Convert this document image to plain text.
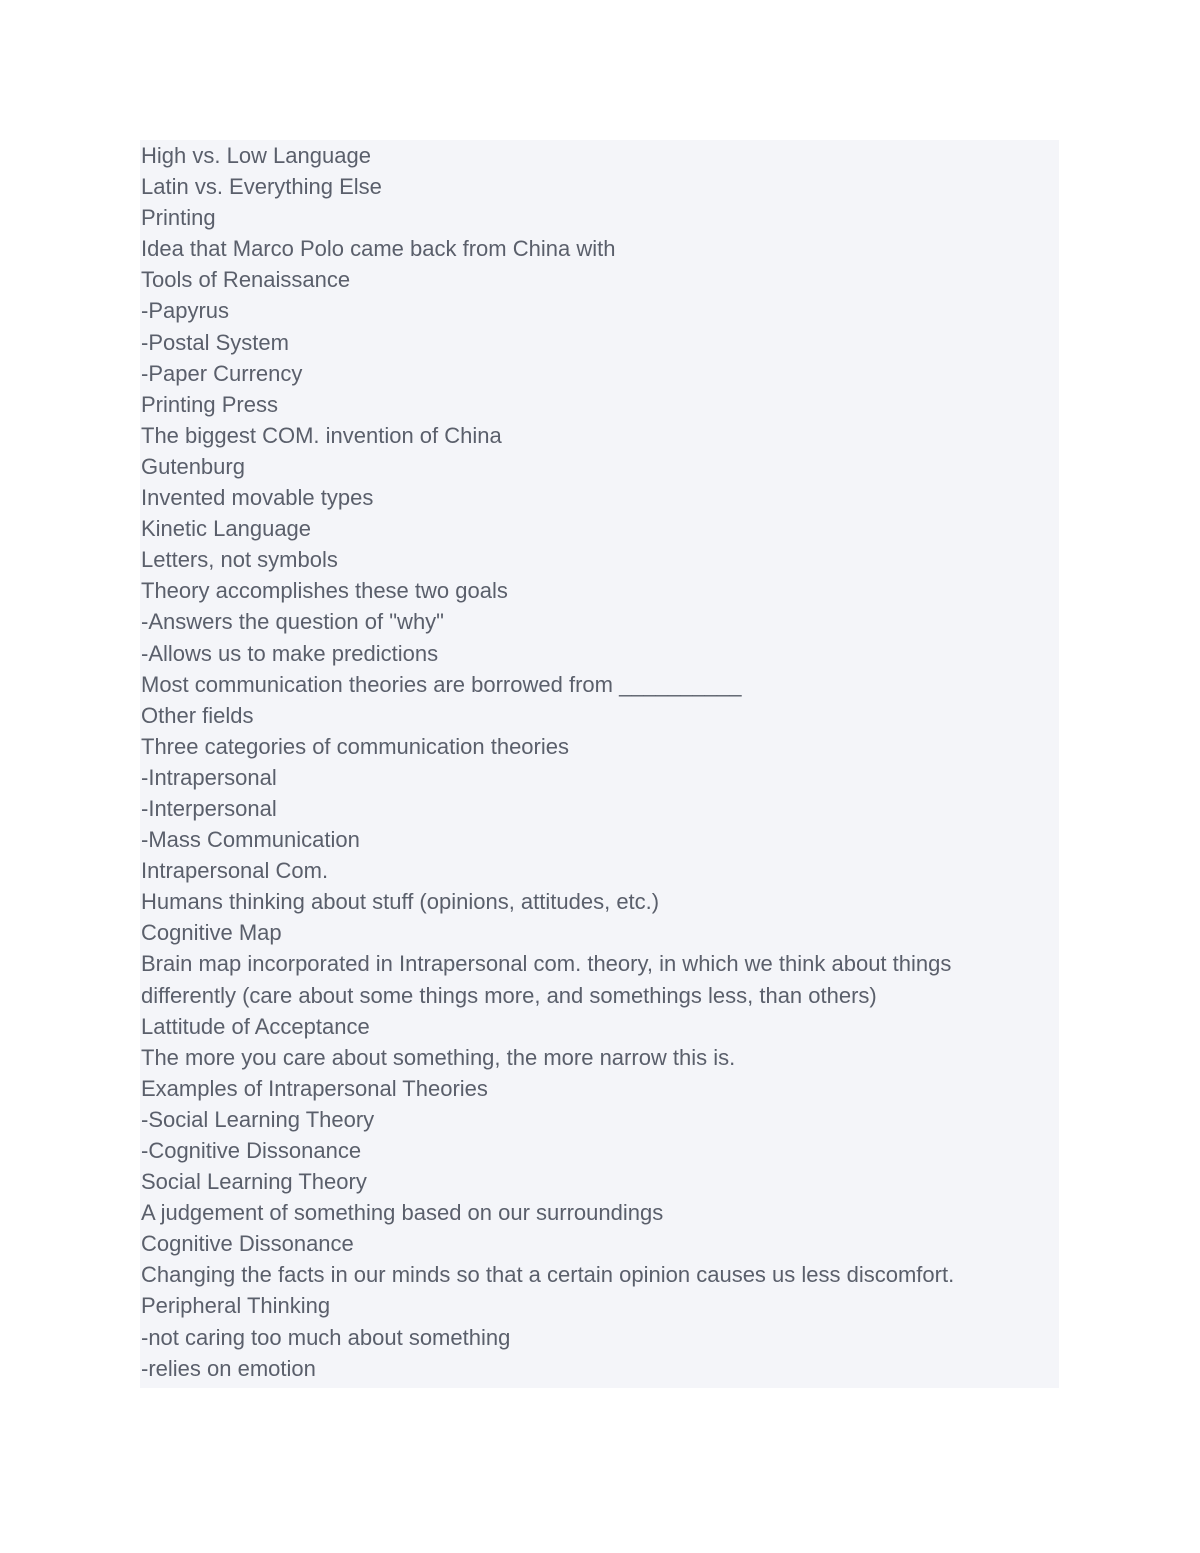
High vs. Low Language

Latin vs. Everything Else

Printing

Idea that Marco Polo came back from China with

Tools of Renaissance

-Papyrus

-Postal System

-Paper Currency

Printing Press

The biggest COM. invention of China

Gutenburg

Invented movable types

Kinetic Language

Letters, not symbols

Theory accomplishes these two goals

-Answers the question of "why"

-Allows us to make predictions

Most communication theories are borrowed from __________

Other fields

Three categories of communication theories

-Intrapersonal

-Interpersonal

-Mass Communication

Intrapersonal Com.

Humans thinking about stuff (opinions, attitudes, etc.)

Cognitive Map

Brain map incorporated in Intrapersonal com. theory, in which we think about things

differently (care about some things more, and somethings less, than others)

Lattitude of Acceptance

The more you care about something, the more narrow this is.

Examples of Intrapersonal Theories

-Social Learning Theory

-Cognitive Dissonance

Social Learning Theory

A judgement of something based on our surroundings

Cognitive Dissonance

Changing the facts in our minds so that a certain opinion causes us less discomfort.

Peripheral Thinking

-not caring too much about something

-relies on emotion
